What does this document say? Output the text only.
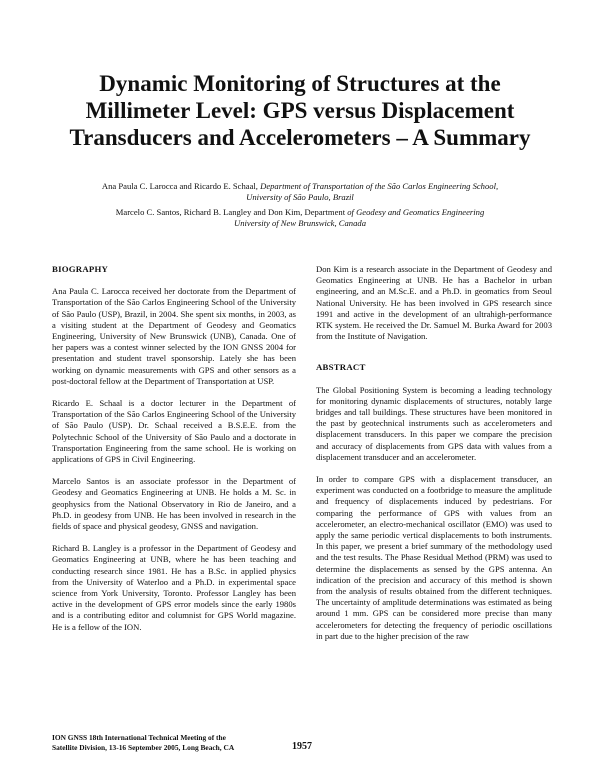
Dynamic Monitoring of Structures at the
Millimeter Level: GPS versus Displacement
Transducers and Accelerometers – A Summary
Ana Paula C. Larocca and Ricardo E. Schaal, Department of Transportation of the São Carlos Engineering School,
University of São Paulo, Brazil
Marcelo C. Santos, Richard B. Langley and Don Kim, Department of Geodesy and Geomatics Engineering
University of New Brunswick, Canada
BIOGRAPHY
Ana Paula C. Larocca received her doctorate from the Department of Transportation of the São Carlos Engineering School of the University of São Paulo (USP), Brazil, in 2004. She spent six months, in 2003, as a visiting student at the Department of Geodesy and Geomatics Engineering, University of New Brunswick (UNB), Canada. One of her papers was a contest winner selected by the ION GNSS 2004 for presentation and student travel sponsorship. Lately she has been working on dynamic measurements with GPS and other sensors as a post-doctoral fellow at the Department of Transportation at USP.
Ricardo E. Schaal is a doctor lecturer in the Department of Transportation of the São Carlos Engineering School of the University of São Paulo (USP). Dr. Schaal received a B.S.E.E. from the Polytechnic School of the University of São Paulo and a doctorate in Transportation Engineering from the same school. He is working on applications of GPS in Civil Engineering.
Marcelo Santos is an associate professor in the Department of Geodesy and Geomatics Engineering at UNB. He holds a M. Sc. in geophysics from the National Observatory in Rio de Janeiro, and a Ph.D. in geodesy from UNB. He has been involved in research in the fields of space and physical geodesy, GNSS and navigation.
Richard B. Langley is a professor in the Department of Geodesy and Geomatics Engineering at UNB, where he has been teaching and conducting research since 1981. He has a B.Sc. in applied physics from the University of Waterloo and a Ph.D. in experimental space science from York University, Toronto. Professor Langley has been active in the development of GPS error models since the early 1980s and is a contributing editor and columnist for GPS World magazine. He is a fellow of the ION.
Don Kim is a research associate in the Department of Geodesy and Geomatics Engineering at UNB. He has a Bachelor in urban engineering, and an M.Sc.E. and a Ph.D. in geomatics from Seoul National University. He has been involved in GPS research since 1991 and active in the development of an ultrahigh-performance RTK system. He received the Dr. Samuel M. Burka Award for 2003 from the Institute of Navigation.
ABSTRACT
The Global Positioning System is becoming a leading technology for monitoring dynamic displacements of structures, notably large bridges and tall buildings. These structures have been monitored in the past by geotechnical instruments such as accelerometers and displacement transducers. In this paper we compare the precision and accuracy of displacements from GPS data with values from a displacement transducer and an accelerometer.
In order to compare GPS with a displacement transducer, an experiment was conducted on a footbridge to measure the amplitude and frequency of displacements induced by pedestrians. For comparing the performance of GPS with values from an accelerometer, an electro-mechanical oscillator (EMO) was used to apply the same periodic vertical displacements to both instruments. In this paper, we present a brief summary of the methodology used and the test results. The Phase Residual Method (PRM) was used to determine the displacements as sensed by the GPS antenna. An indication of the precision and accuracy of this method is shown from the analysis of results obtained from the different techniques. The uncertainty of amplitude determinations was estimated as being around 1 mm. GPS can be considered more precise than many accelerometers for detecting the frequency of periodic oscillations in part due to the higher precision of the raw
ION GNSS 18th International Technical Meeting of the
Satellite Division, 13-16 September 2005, Long Beach, CA	1957
